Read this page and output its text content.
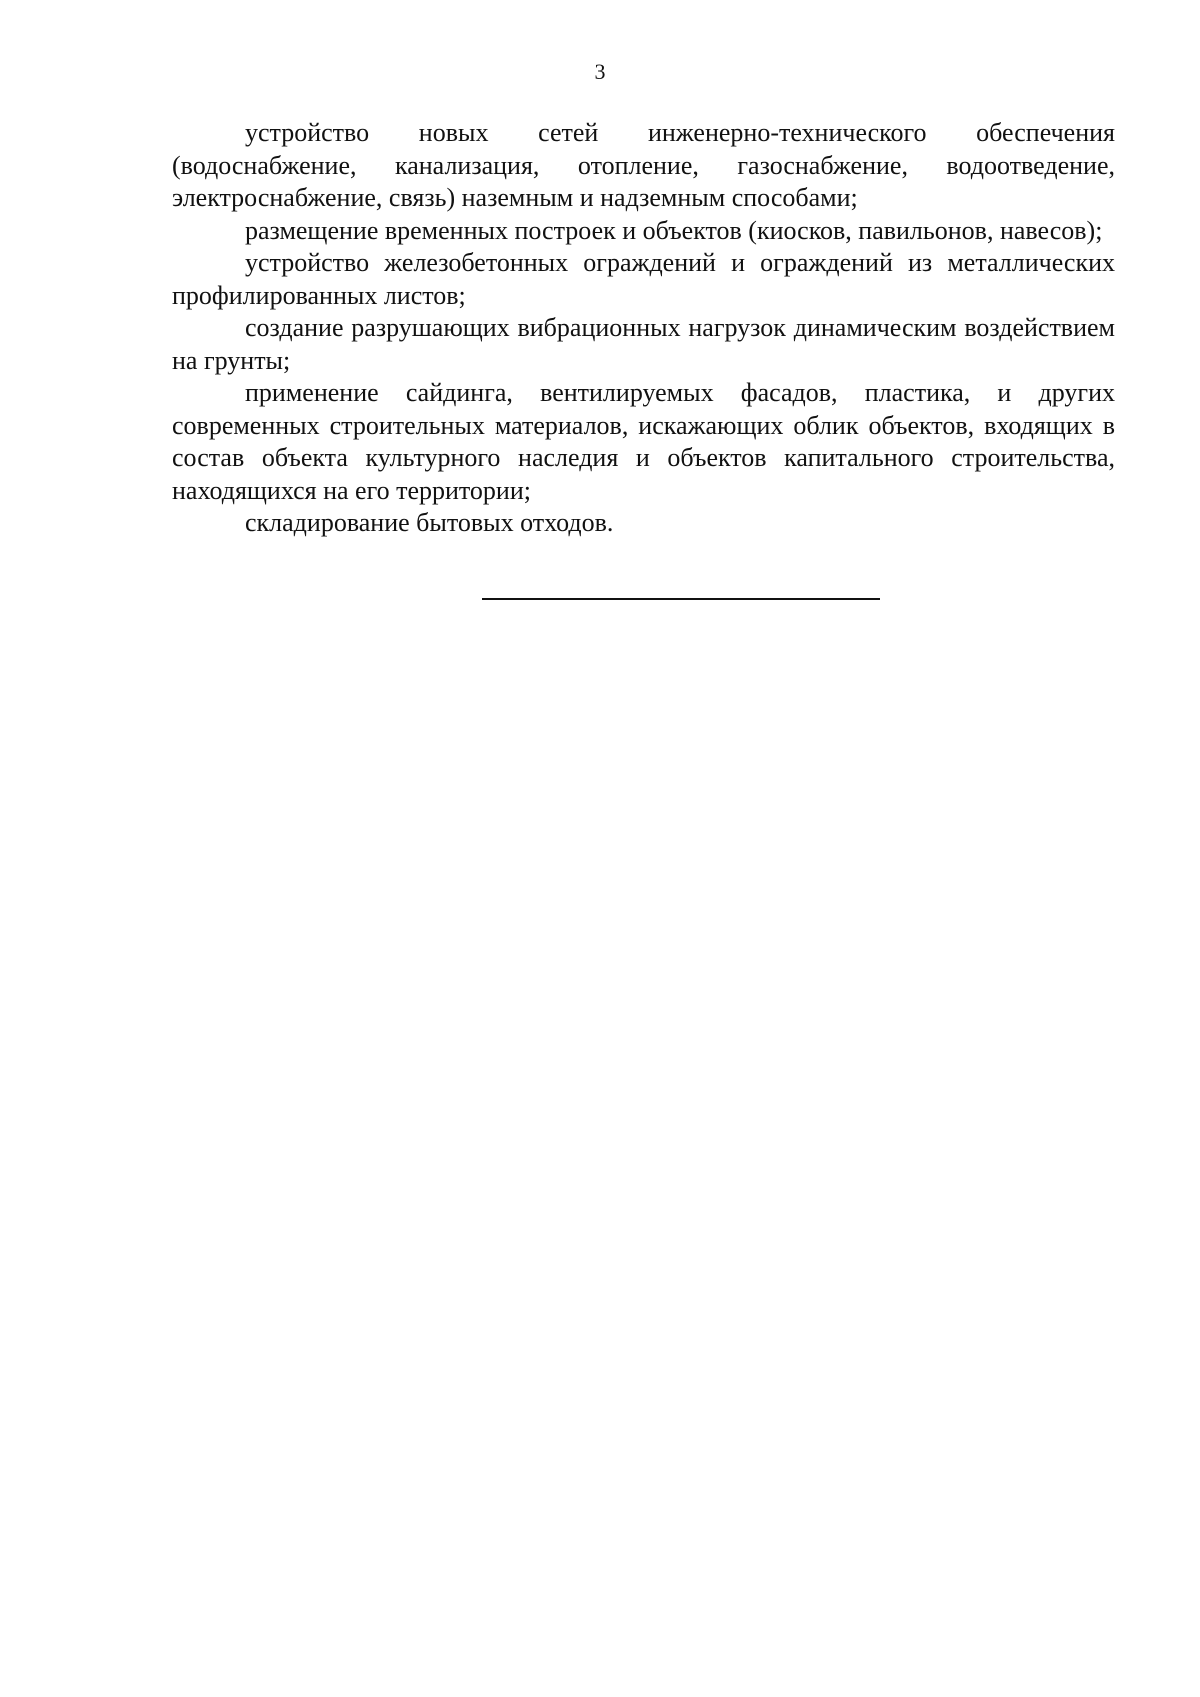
3

устройство новых сетей инженерно-технического обеспечения (водоснабжение, канализация, отопление, газоснабжение, водоотведение, электроснабжение, связь) наземным и надземным способами;

размещение временных построек и объектов (киосков, павильонов, навесов);

устройство железобетонных ограждений и ограждений из металлических профилированных листов;

создание разрушающих вибрационных нагрузок динамическим воздействием на грунты;

применение сайдинга, вентилируемых фасадов, пластика, и других современных строительных материалов, искажающих облик объектов, входящих в состав объекта культурного наследия и объектов капитального строительства, находящихся на его территории;

складирование бытовых отходов.
